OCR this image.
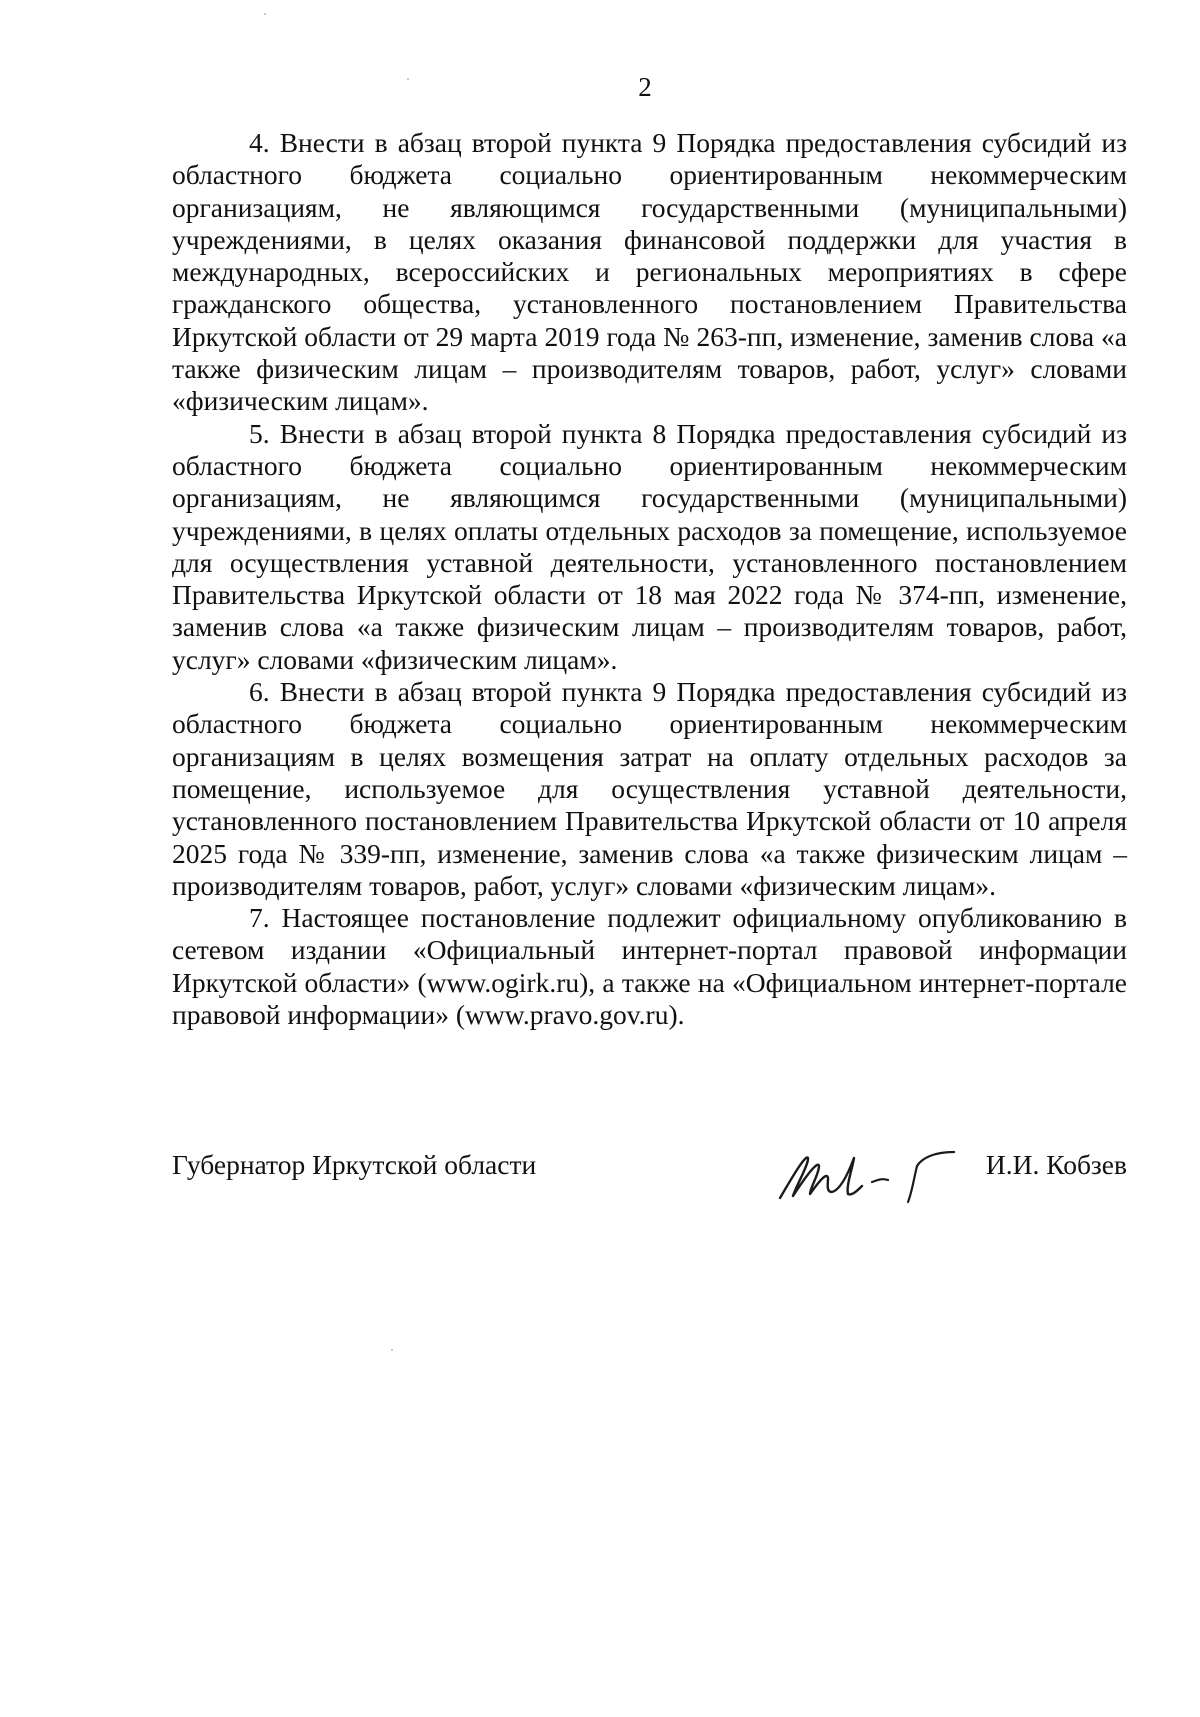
2

4. Внести в абзац второй пункта 9 Порядка предоставления субсидий из областного бюджета социально ориентированным некоммерческим организациям, не являющимся государственными (муниципальными) учреждениями, в целях оказания финансовой поддержки для участия в международных, всероссийских и региональных мероприятиях в сфере гражданского общества, установленного постановлением Правительства Иркутской области от 29 марта 2019 года № 263-пп, изменение, заменив слова «а также физическим лицам – производителям товаров, работ, услуг» словами «физическим лицам».

5. Внести в абзац второй пункта 8 Порядка предоставления субсидий из областного бюджета социально ориентированным некоммерческим организациям, не являющимся государственными (муниципальными) учреждениями, в целях оплаты отдельных расходов за помещение, используемое для осуществления уставной деятельности, установленного постановлением Правительства Иркутской области от 18 мая 2022 года № 374-пп, изменение, заменив слова «а также физическим лицам – производителям товаров, работ, услуг» словами «физическим лицам».

6. Внести в абзац второй пункта 9 Порядка предоставления субсидий из областного бюджета социально ориентированным некоммерческим организациям в целях возмещения затрат на оплату отдельных расходов за помещение, используемое для осуществления уставной деятельности, установленного постановлением Правительства Иркутской области от 10 апреля 2025 года № 339-пп, изменение, заменив слова «а также физическим лицам – производителям товаров, работ, услуг» словами «физическим лицам».

7. Настоящее постановление подлежит официальному опубликованию в сетевом издании «Официальный интернет-портал правовой информации Иркутской области» (www.ogirk.ru), а также на «Официальном интернет-портале правовой информации» (www.pravo.gov.ru).

Губернатор Иркутской области	И.И. Кобзев
